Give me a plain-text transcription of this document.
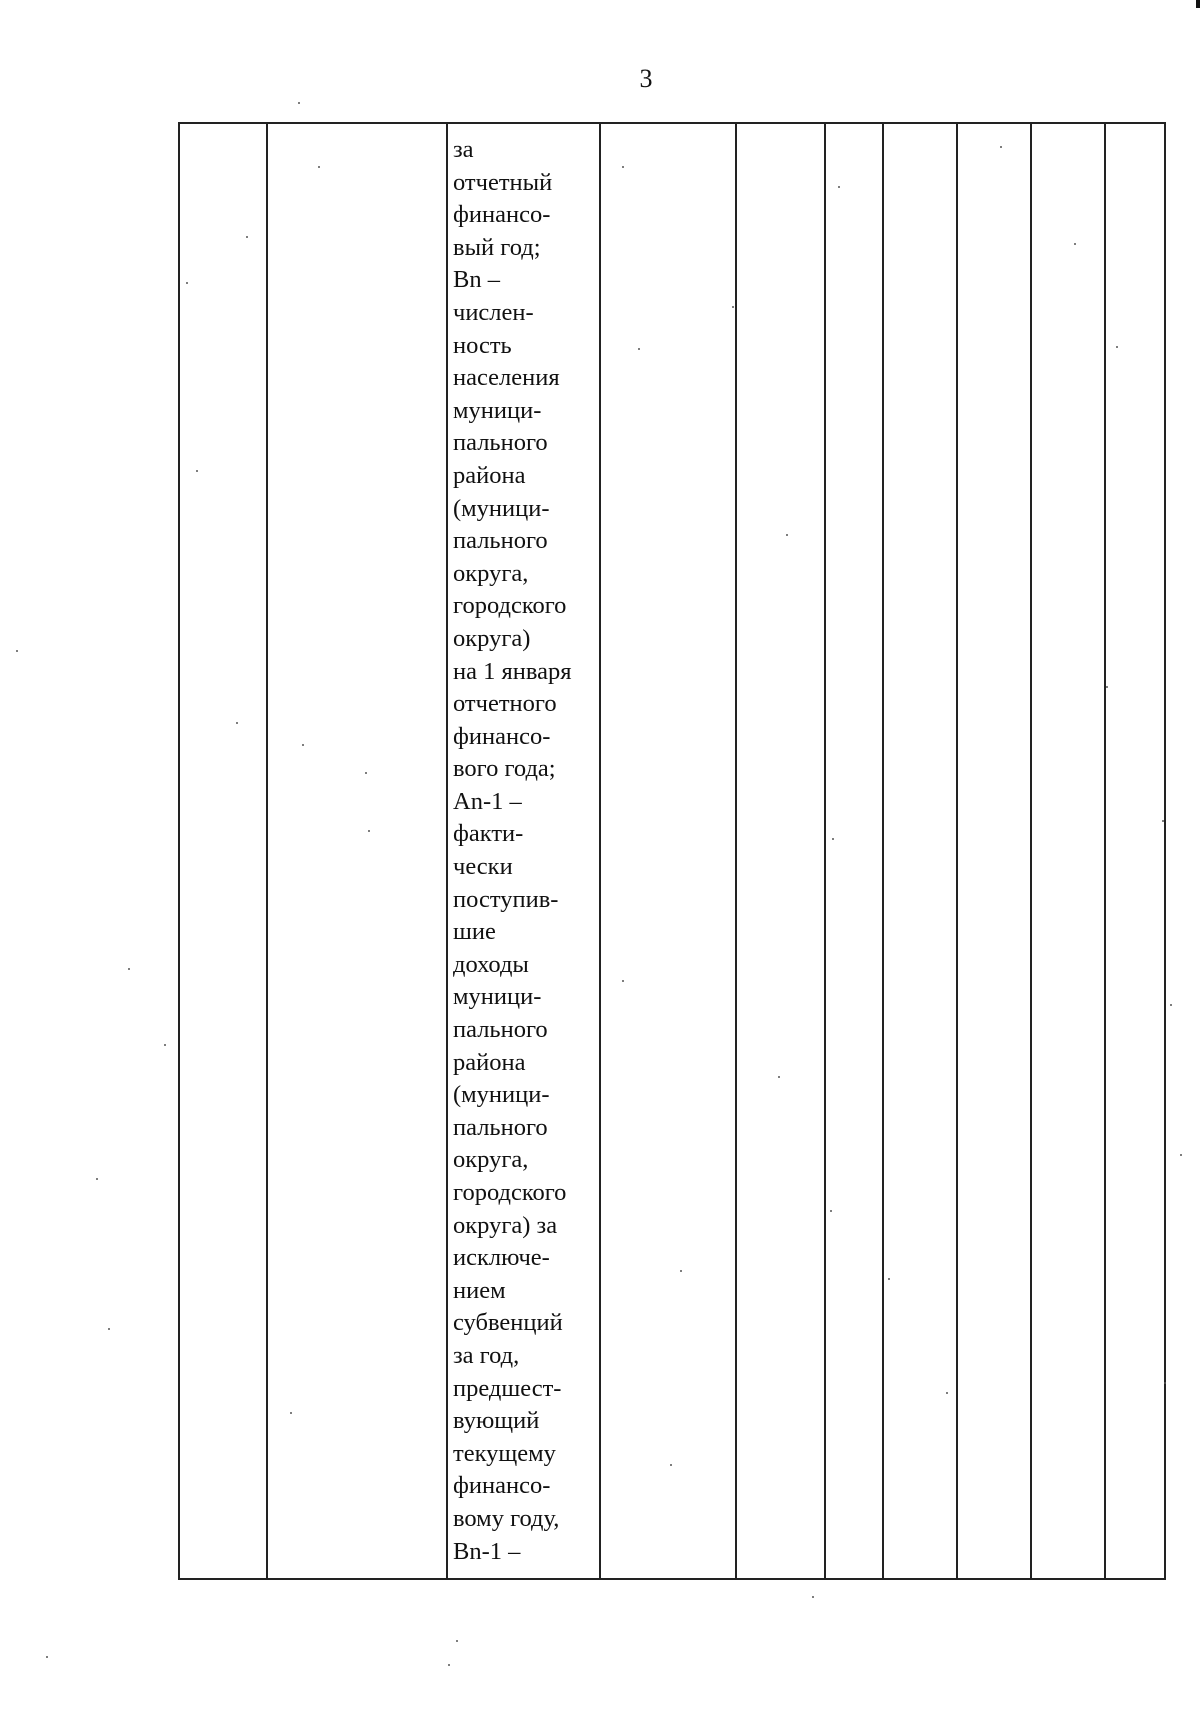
3

за
отчетный
финансо-
вый год;
Bn –
числен-
ность
населения
муници-
пального
района
(муници-
пального
округа,
городского
округа)
на 1 января
отчетного
финансо-
вого года;
An-1 –
факти-
чески
поступив-
шие
доходы
муници-
пального
района
(муници-
пального
округа,
городского
округа) за
исключе-
нием
субвенций
за год,
предшест-
вующий
текущему
финансо-
вому году,
Bn-1 –
